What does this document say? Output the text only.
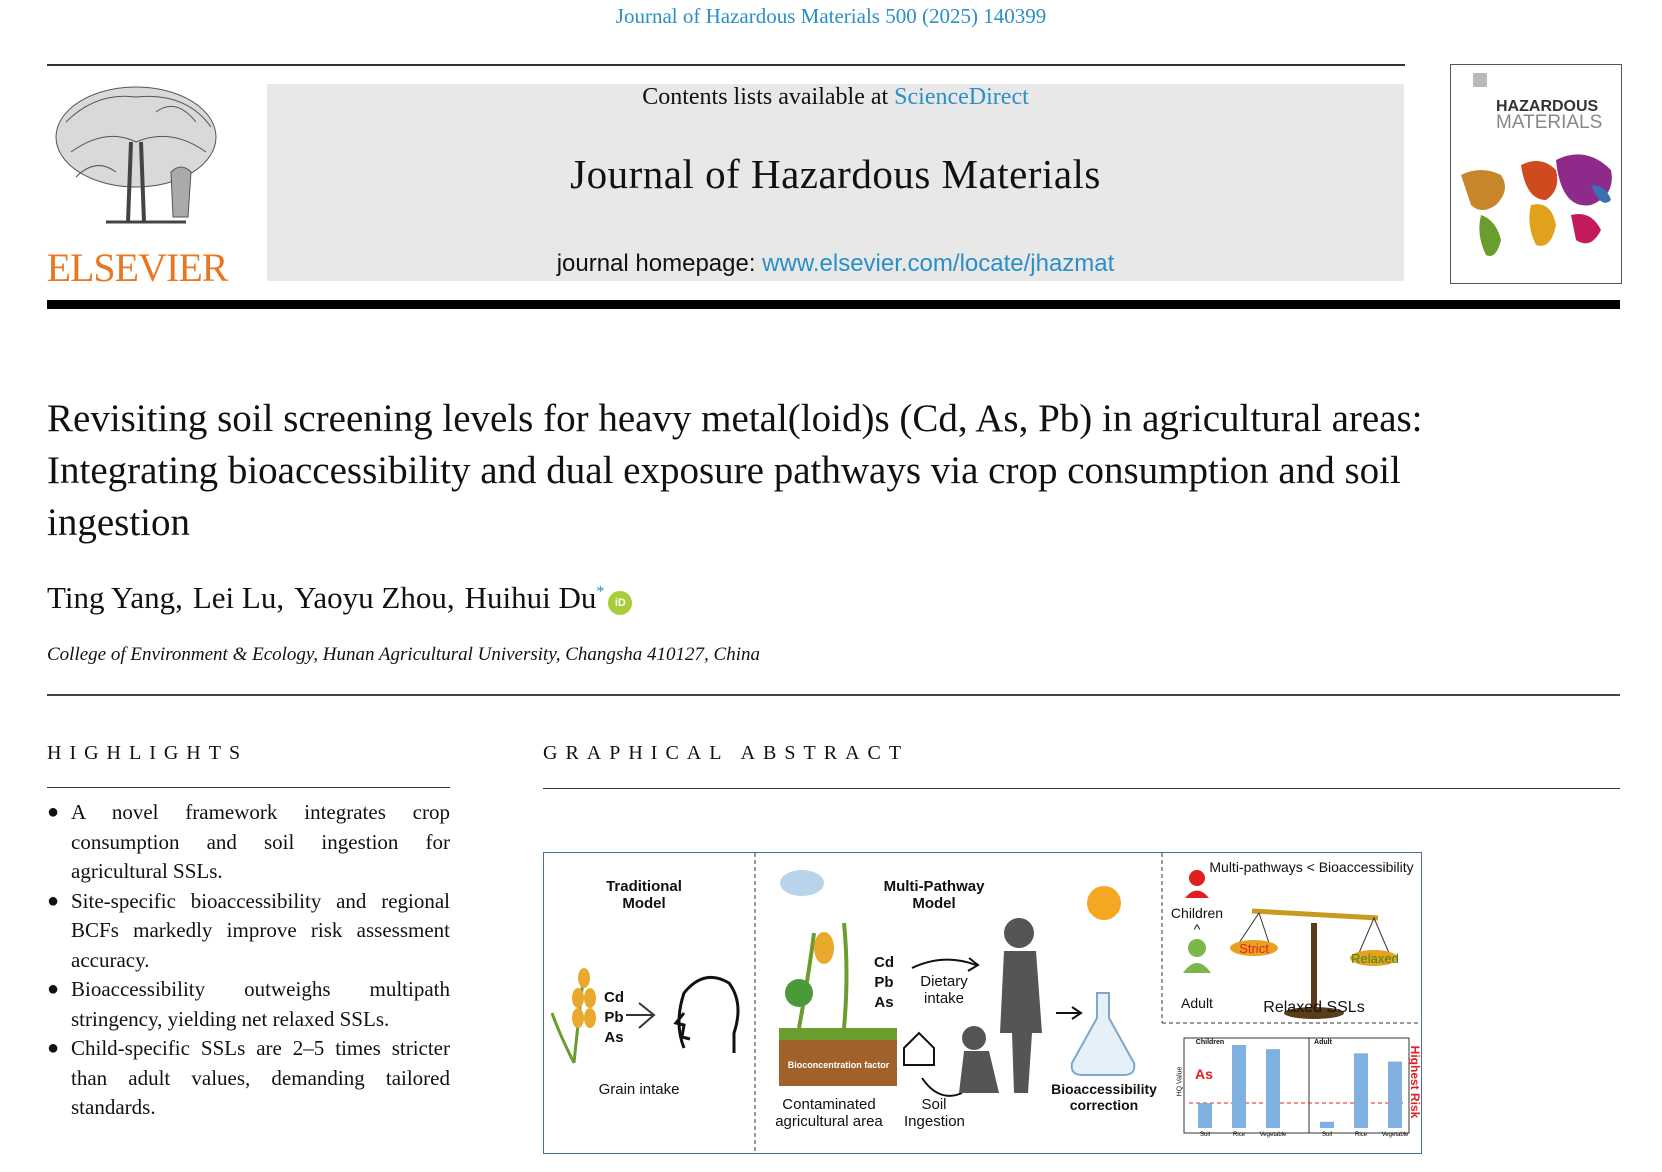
Journal of Hazardous Materials 500 (2025) 140399
ELSEVIER
Contents lists available at ScienceDirect
Journal of Hazardous Materials
journal homepage: www.elsevier.com/locate/jhazmat
HAZARDOUS
MATERIALS
Revisiting soil screening levels for heavy metal(loid)s (Cd, As, Pb) in agricultural areas: Integrating bioaccessibility and dual exposure pathways via crop consumption and soil ingestion
Ting Yang, Lei Lu, Yaoyu Zhou, Huihui Du*iD
College of Environment & Ecology, Hunan Agricultural University, Changsha 410127, China
HIGHLIGHTS
● A novel framework integrates crop consumption and soil ingestion for agricultural SSLs.
● Site-specific bioaccessibility and regional BCFs markedly improve risk assessment accuracy.
● Bioaccessibility outweighs multipath stringency, yielding net relaxed SSLs.
● Child-specific SSLs are 2–5 times stricter than adult values, demanding tailored standards.
GRAPHICAL ABSTRACT
Soil	Rice Vegetable	Soil	Rice Vegetable
Traditional Model
Cd
Pb
As
Grain intake
Multi-Pathway Model
Cd
Pb
As
Dietary intake
Bioconcentration factor
Contaminated agricultural area
Soil Ingestion
Bioaccessibility correction
Multi-pathways < Bioaccessibility
Children
^
Adult
Strict
Relaxed
Relaxed SSLs
HQ Value As
Children	Adult
Highest Risk
